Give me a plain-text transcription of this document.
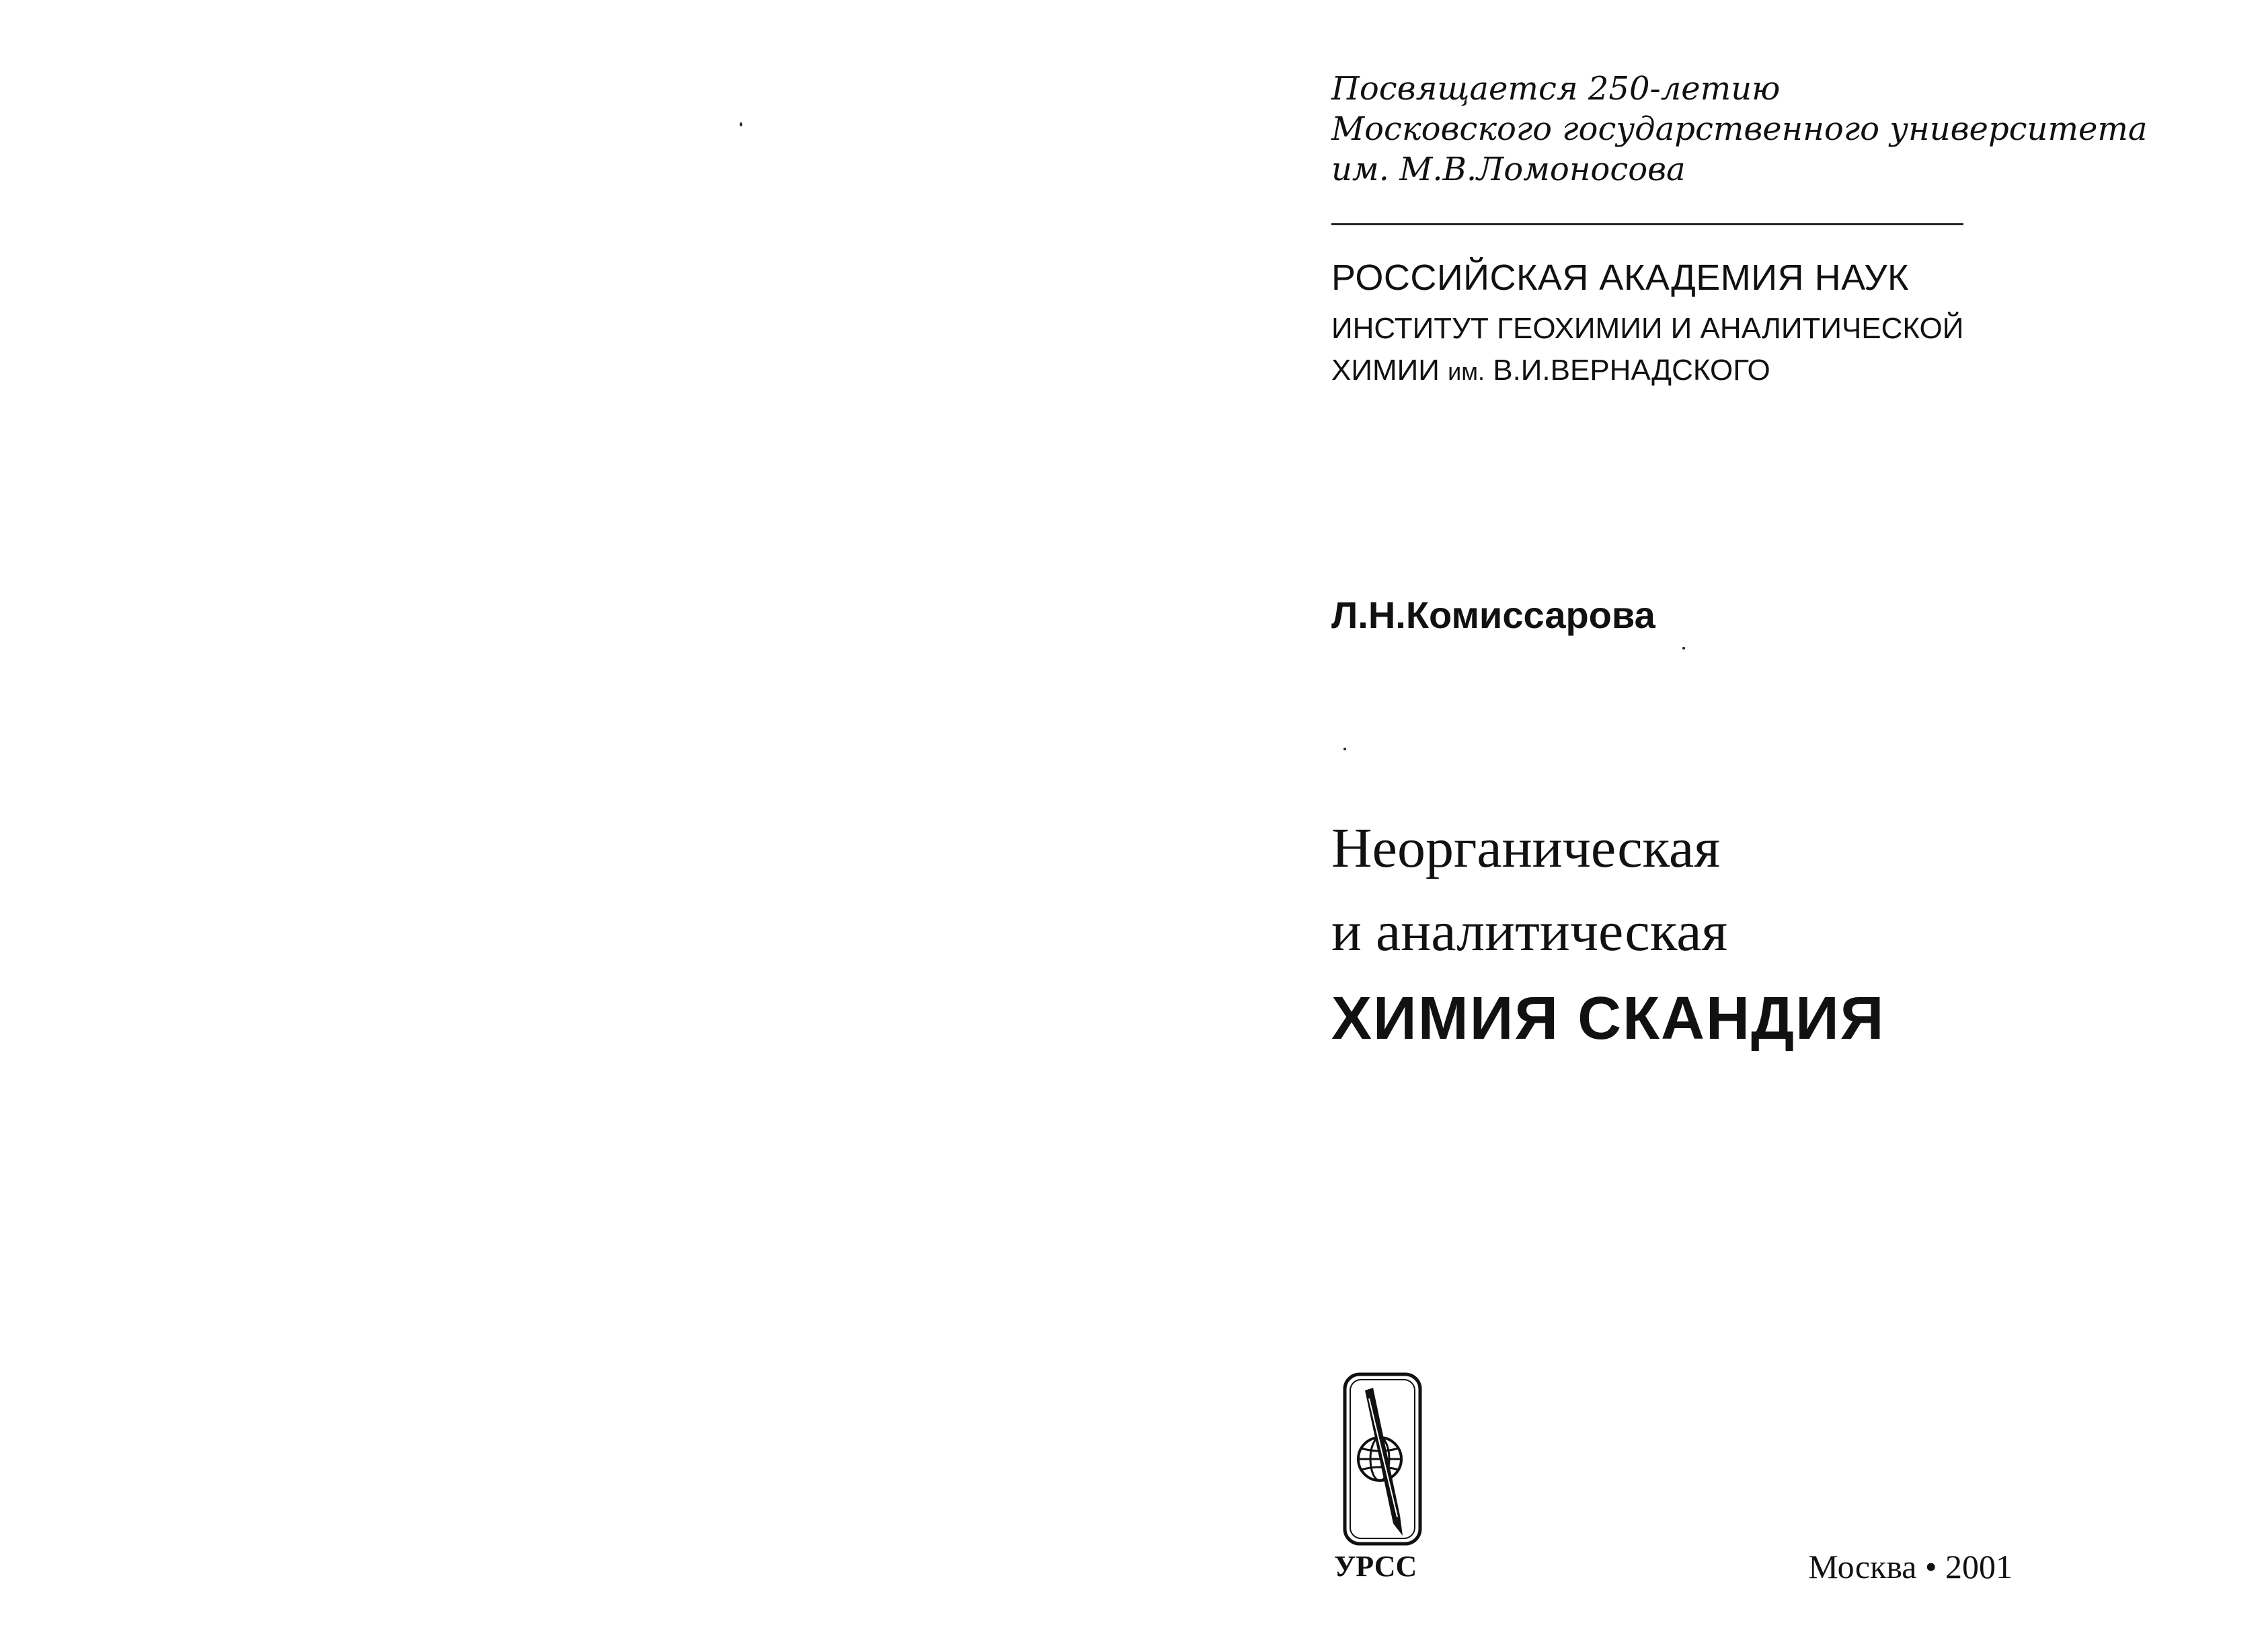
Посвящается 250-летию
Московского государственного университета
им. М.В.Ломоносова
РОССИЙСКАЯ АКАДЕМИЯ НАУК
ИНСТИТУТ ГЕОХИМИИ И АНАЛИТИЧЕСКОЙ
ХИМИИ им. В.И.ВЕРНАДСКОГО
Л.Н.Комиссарова
Неорганическая
и аналитическая
ХИМИЯ СКАНДИЯ
УРСС	Москва • 2001
